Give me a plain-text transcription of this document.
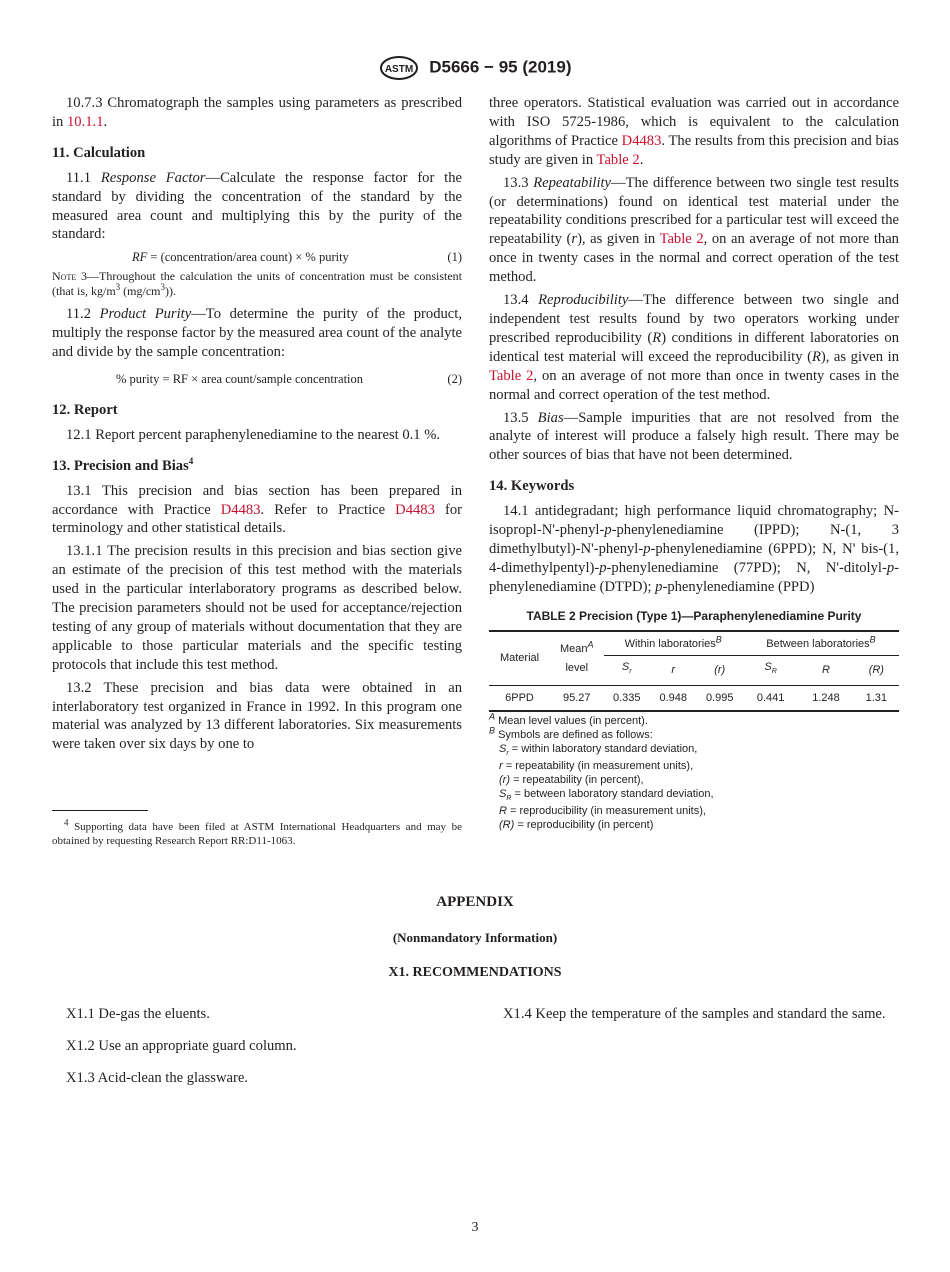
ASTM D5666 − 95 (2019)

10.7.3 Chromatograph the samples using parameters as prescribed in 10.1.1.

11. Calculation

11.1 Response Factor—Calculate the response factor for the standard by dividing the concentration of the standard by the measured area count and multiplying this by the purity of the standard:

RF = (concentration/area count) × % purity	(1)
Note 3—Throughout the calculation the units of concentration must be consistent (that is, $kg/m^3$ $(mg/cm^3)$).

11.2 Product Purity—To determine the purity of the product, multiply the response factor by the measured area count of the analyte and divide by the sample concentration:

% purity = RF × area count/sample concentration	(2)
12. Report

12.1 Report percent paraphenylenediamine to the nearest 0.1 %.

13. Precision and Bias$^4$

13.1 This precision and bias section has been prepared in accordance with Practice D4483. Refer to Practice D4483 for terminology and other statistical details.

13.1.1 The precision results in this precision and bias section give an estimate of the precision of this test method with the materials used in the particular interlaboratory programs as described below. The precision parameters should not be used for acceptance/rejection testing of any group of materials without documentation that they are applicable to those particular materials and the specific testing protocols that include this test method.

13.2 These precision and bias data were obtained in an interlaboratory test organized in France in 1992. In this program one material was analyzed by 13 different laboratories. Six measurements were taken over six days by one to

three operators. Statistical evaluation was carried out in accordance with ISO 5725-1986, which is equivalent to the calculation algorithms of Practice D4483. The results from this precision and bias study are given in Table 2.

13.3 Repeatability—The difference between two single test results (or determinations) found on identical test material under the repeatability conditions prescribed for a particular test will exceed the repeatability (r), as given in Table 2, on an average of not more than once in twenty cases in the normal and correct operation of the test method.

13.4 Reproducibility—The difference between two single and independent test results found by two operators working under prescribed reproducibility (R) conditions in different laboratories on identical test material will exceed the reproducibility (R), as given in Table 2, on an average of not more than once in twenty cases in the normal and correct operation of the test method.

13.5 Bias—Sample impurities that are not resolved from the analyte of interest will produce a falsely high result. There may be other sources of bias that have not been determined.

14. Keywords

14.1 antidegradant; high performance liquid chromatography; N-isopropl-N'-phenyl-p-phenylenediamine (IPPD); N-(1, 3 dimethylbutyl)-N'-phenyl-p-phenylenediamine (6PPD); N, N' bis-(1, 4-dimethylpentyl)-p-phenylenediamine (77PD); N, N'-ditolyl-p-phenylenediamine (DTPD); p-phenylenediamine (PPD)

TABLE 2 Precision (Type 1)—Paraphenylenediamine Purity
Material	Mean$^A$
level	Within laboratories$^B$			Between laboratories$^B$
		$S_r$	r	(r)	$S_R$	R	(R)
6PPD	95.27	0.335	0.948	0.995	0.441	1.248	1.31
$^A$ Mean level values (in percent).
$^B$ Symbols are defined as follows:
$S_r$ = within laboratory standard deviation,
r = repeatability (in measurement units),
(r) = repeatability (in percent),
$S_R$ = between laboratory standard deviation,
R = reproducibility (in measurement units),
(R) = reproducibility (in percent)
$^4$ Supporting data have been filed at ASTM International Headquarters and may be obtained by requesting Research Report RR:D11-1063.
APPENDIX
(Nonmandatory Information)
X1. RECOMMENDATIONS

X1.1 De-gas the eluents.

X1.2 Use an appropriate guard column.

X1.3 Acid-clean the glassware.

X1.4 Keep the temperature of the samples and standard the same.

3
